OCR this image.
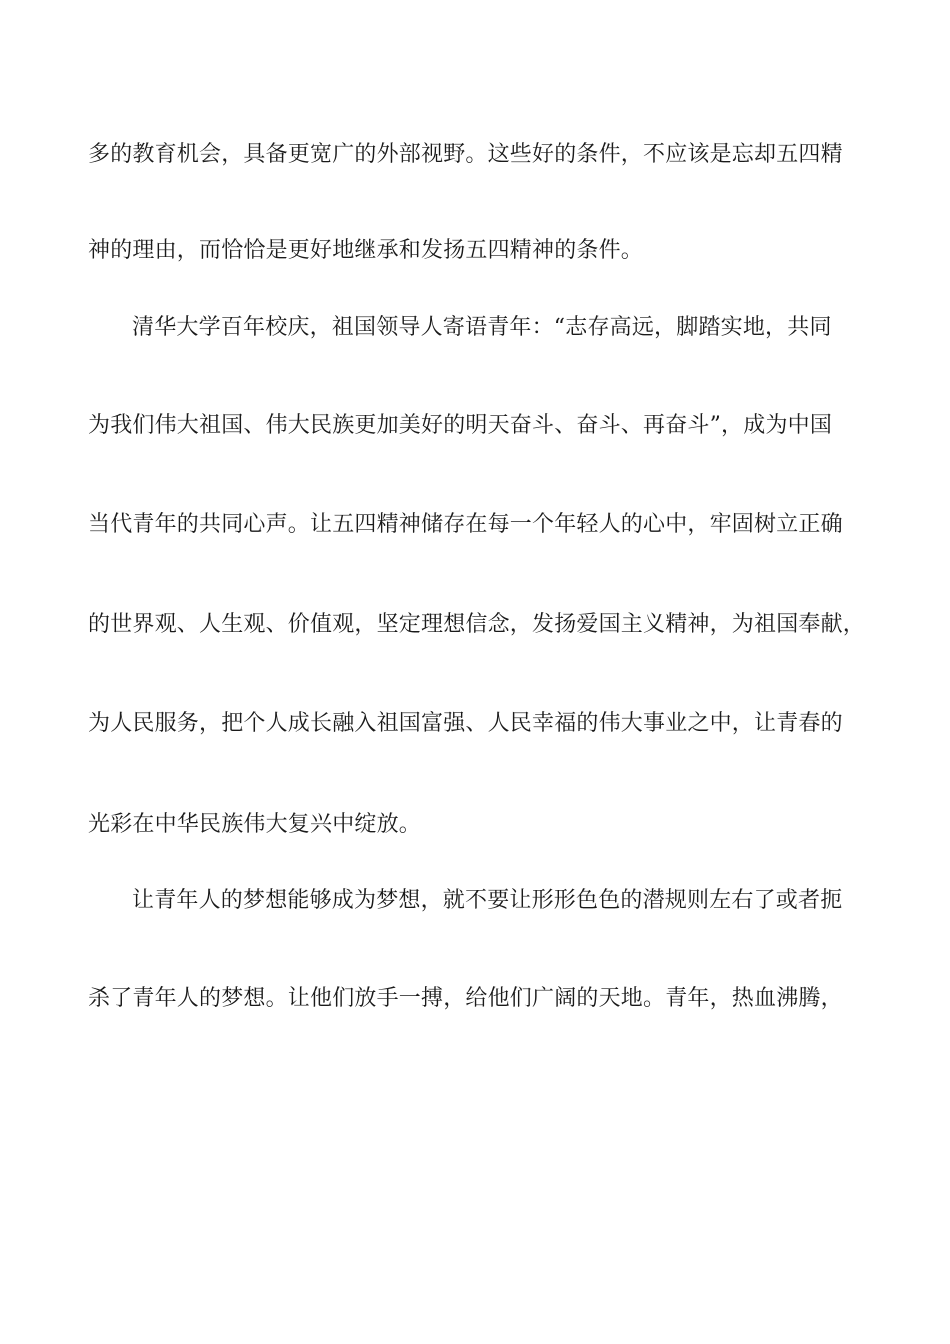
多的教育机会，具备更宽广的外部视野。这些好的条件，不应该是忘却五四精
神的理由，而恰恰是更好地继承和发扬五四精神的条件。
清华大学百年校庆，祖国领导人寄语青年：“志存高远，脚踏实地，共同
为我们伟大祖国、伟大民族更加美好的明天奋斗、奋斗、再奋斗”，成为中国
当代青年的共同心声。让五四精神储存在每一个年轻人的心中，牢固树立正确
的世界观、人生观、价值观，坚定理想信念，发扬爱国主义精神，为祖国奉献，
为人民服务，把个人成长融入祖国富强、人民幸福的伟大事业之中，让青春的
光彩在中华民族伟大复兴中绽放。
让青年人的梦想能够成为梦想，就不要让形形色色的潜规则左右了或者扼
杀了青年人的梦想。让他们放手一搏，给他们广阔的天地。青年，热血沸腾，
